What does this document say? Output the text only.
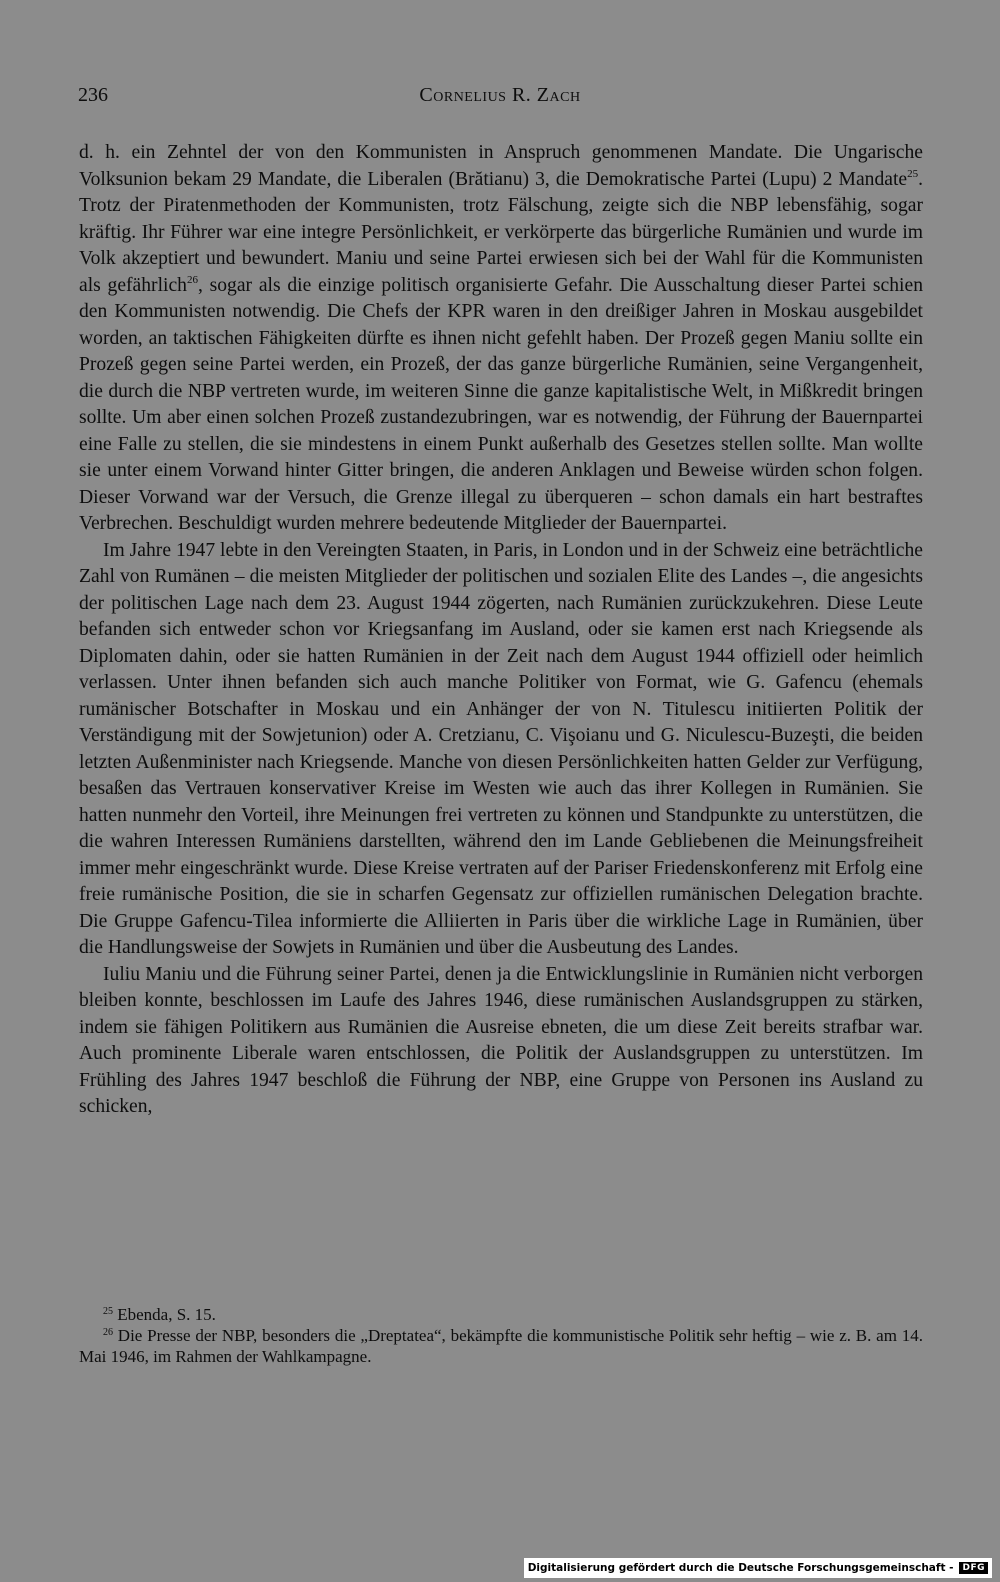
236	Cornelius R. Zach

d. h. ein Zehntel der von den Kommunisten in Anspruch genommenen Mandate. Die Ungarische Volksunion bekam 29 Mandate, die Liberalen (Brătianu) 3, die Demokratische Partei (Lupu) 2 Mandate$^{25}$. Trotz der Piratenmethoden der Kommunisten, trotz Fälschung, zeigte sich die NBP lebensfähig, sogar kräftig. Ihr Führer war eine integre Persönlichkeit, er verkörperte das bürgerliche Rumänien und wurde im Volk akzeptiert und bewundert. Maniu und seine Partei erwiesen sich bei der Wahl für die Kommunisten als gefährlich$^{26}$, sogar als die einzige politisch organisierte Gefahr. Die Ausschaltung dieser Partei schien den Kommunisten notwendig. Die Chefs der KPR waren in den dreißiger Jahren in Moskau ausgebildet worden, an taktischen Fähigkeiten dürfte es ihnen nicht gefehlt haben. Der Prozeß gegen Maniu sollte ein Prozeß gegen seine Partei werden, ein Prozeß, der das ganze bürgerliche Rumänien, seine Vergangenheit, die durch die NBP vertreten wurde, im weiteren Sinne die ganze kapitalistische Welt, in Mißkredit bringen sollte. Um aber einen solchen Prozeß zustandezubringen, war es notwendig, der Führung der Bauernpartei eine Falle zu stellen, die sie mindestens in einem Punkt außerhalb des Gesetzes stellen sollte. Man wollte sie unter einem Vorwand hinter Gitter bringen, die anderen Anklagen und Beweise würden schon folgen. Dieser Vorwand war der Versuch, die Grenze illegal zu überqueren – schon damals ein hart bestraftes Verbrechen. Beschuldigt wurden mehrere bedeutende Mitglieder der Bauernpartei.

Im Jahre 1947 lebte in den Vereingten Staaten, in Paris, in London und in der Schweiz eine beträchtliche Zahl von Rumänen – die meisten Mitglieder der politischen und sozialen Elite des Landes –, die angesichts der politischen Lage nach dem 23. August 1944 zögerten, nach Rumänien zurückzukehren. Diese Leute befanden sich entweder schon vor Kriegsanfang im Ausland, oder sie kamen erst nach Kriegsende als Diplomaten dahin, oder sie hatten Rumänien in der Zeit nach dem August 1944 offiziell oder heimlich verlassen. Unter ihnen befanden sich auch manche Politiker von Format, wie G. Gafencu (ehemals rumänischer Botschafter in Moskau und ein Anhänger der von N. Titulescu initiierten Politik der Verständigung mit der Sowjetunion) oder A. Cretzianu, C. Vişoianu und G. Niculescu-Buzeşti, die beiden letzten Außenminister nach Kriegsende. Manche von diesen Persönlichkeiten hatten Gelder zur Verfügung, besaßen das Vertrauen konservativer Kreise im Westen wie auch das ihrer Kollegen in Rumänien. Sie hatten nunmehr den Vorteil, ihre Meinungen frei vertreten zu können und Standpunkte zu unterstützen, die die wahren Interessen Rumäniens darstellten, während den im Lande Gebliebenen die Meinungsfreiheit immer mehr eingeschränkt wurde. Diese Kreise vertraten auf der Pariser Friedenskonferenz mit Erfolg eine freie rumänische Position, die sie in scharfen Gegensatz zur offiziellen rumänischen Delegation brachte. Die Gruppe Gafencu-Tilea informierte die Alliierten in Paris über die wirkliche Lage in Rumänien, über die Handlungsweise der Sowjets in Rumänien und über die Ausbeutung des Landes.

Iuliu Maniu und die Führung seiner Partei, denen ja die Entwicklungslinie in Rumänien nicht verborgen bleiben konnte, beschlossen im Laufe des Jahres 1946, diese rumänischen Auslandsgruppen zu stärken, indem sie fähigen Politikern aus Rumänien die Ausreise ebneten, die um diese Zeit bereits strafbar war. Auch prominente Liberale waren entschlossen, die Politik der Auslandsgruppen zu unterstützen. Im Frühling des Jahres 1947 beschloß die Führung der NBP, eine Gruppe von Personen ins Ausland zu schicken,

$^{25}$ Ebenda, S. 15.

$^{26}$ Die Presse der NBP, besonders die „Dreptatea“, bekämpfte die kommunistische Politik sehr heftig – wie z. B. am 14. Mai 1946, im Rahmen der Wahlkampagne.

Digitalisierung gefördert durch die Deutsche Forschungsgemeinschaft -	DFG
